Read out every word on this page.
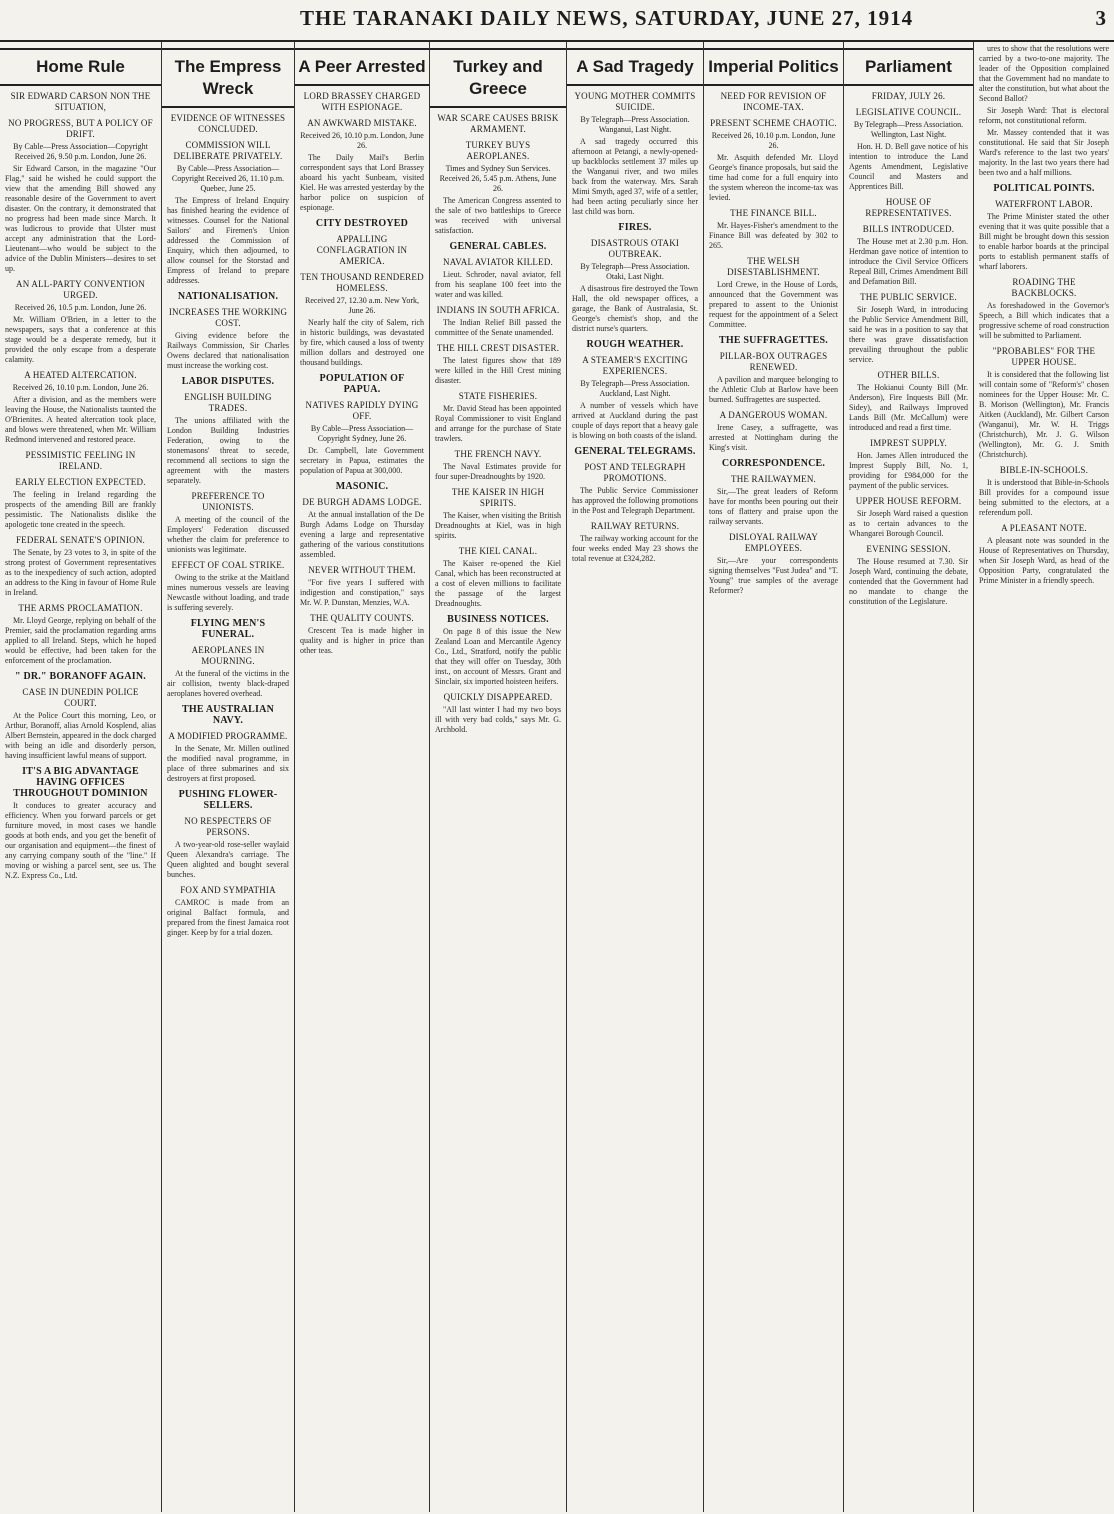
THE TARANAKI DAILY NEWS, SATURDAY, JUNE 27, 1914	3
Home Rule
SIR EDWARD CARSON NON THE SITUATION,
NO PROGRESS, BUT A POLICY OF DRIFT.
By Cable—Press Association—Copyright Received 26, 9.50 p.m. London, June 26.

Sir Edward Carson, in the magazine "Our Flag," said he wished he could support the view that the amending Bill showed any reasonable desire of the Government to avert disaster. On the contrary, it demonstrated that no progress had been made since March. It was ludicrous to provide that Ulster must accept any administration that the Lord-Lieutenant—who would be subject to the advice of the Dublin Ministers—desires to set up.

AN ALL-PARTY CONVENTION URGED.
Received 26, 10.5 p.m. London, June 26.

Mr. William O'Brien, in a letter to the newspapers, says that a conference at this stage would be a desperate remedy, but it provided the only escape from a desperate calamity.

A HEATED ALTERCATION.
Received 26, 10.10 p.m. London, June 26.

After a division, and as the members were leaving the House, the Nationalists taunted the O'Brienites. A heated altercation took place, and blows were threatened, when Mr. William Redmond intervened and restored peace.

PESSIMISTIC FEELING IN IRELAND.
EARLY ELECTION EXPECTED.

The feeling in Ireland regarding the prospects of the amending Bill are frankly pessimistic. The Nationalists dislike the apologetic tone created in the speech.

FEDERAL SENATE'S OPINION.

The Senate, by 23 votes to 3, in spite of the strong protest of Government representatives as to the inexpediency of such action, adopted an address to the King in favour of Home Rule in Ireland.

THE ARMS PROCLAMATION.

Mr. Lloyd George, replying on behalf of the Premier, said the proclamation regarding arms applied to all Ireland. Steps, which he hoped would be effective, had been taken for the enforcement of the proclamation.

" DR." BORANOFF AGAIN.
CASE IN DUNEDIN POLICE COURT.

At the Police Court this morning, Leo, or Arthur, Boranoff, alias Arnold Kosplend, alias Albert Bernstein, appeared in the dock charged with being an idle and disorderly person, having insufficient lawful means of support.

IT'S A BIG ADVANTAGE HAVING OFFICES THROUGHOUT DOMINION

It conduces to greater accuracy and efficiency. When you forward parcels or get furniture moved, in most cases we handle goods at both ends, and you get the benefit of our organisation and equipment—the finest of any carrying company south of the "line." If moving or wishing a parcel sent, see us. The N.Z. Express Co., Ltd.

The Empress Wreck
EVIDENCE OF WITNESSES CONCLUDED.
COMMISSION WILL DELIBERATE PRIVATELY.
By Cable—Press Association—Copyright Received 26, 11.10 p.m. Quebec, June 25.

The Empress of Ireland Enquiry has finished hearing the evidence of witnesses. Counsel for the National Sailors' and Firemen's Union addressed the Commission of Enquiry, which then adjourned, to allow counsel for the Storstad and Empress of Ireland to prepare addresses.

NATIONALISATION.
INCREASES THE WORKING COST.

Giving evidence before the Railways Commission, Sir Charles Owens declared that nationalisation must increase the working cost.

LABOR DISPUTES.
ENGLISH BUILDING TRADES.

The unions affiliated with the London Building Industries Federation, owing to the stonemasons' threat to secede, recommend all sections to sign the agreement with the masters separately.

PREFERENCE TO UNIONISTS.

A meeting of the council of the Employers' Federation discussed whether the claim for preference to unionists was legitimate.

EFFECT OF COAL STRIKE.

Owing to the strike at the Maitland mines numerous vessels are leaving Newcastle without loading, and trade is suffering severely.

FLYING MEN'S FUNERAL.
AEROPLANES IN MOURNING.

At the funeral of the victims in the air collision, twenty black-draped aeroplanes hovered overhead.

THE AUSTRALIAN NAVY.
A MODIFIED PROGRAMME.

In the Senate, Mr. Millen outlined the modified naval programme, in place of three submarines and six destroyers at first proposed.

PUSHING FLOWER-SELLERS.
NO RESPECTERS OF PERSONS.

A two-year-old rose-seller waylaid Queen Alexandra's carriage. The Queen alighted and bought several bunches.

FOX AND SYMPATHIA

CAMROC is made from an original Balfact formula, and prepared from the finest Jamaica root ginger. Keep by for a trial dozen.

A Peer Arrested
LORD BRASSEY CHARGED WITH ESPIONAGE.
AN AWKWARD MISTAKE.
Received 26, 10.10 p.m. London, June 26.

The Daily Mail's Berlin correspondent says that Lord Brassey aboard his yacht Sunbeam, visited Kiel. He was arrested yesterday by the harbor police on suspicion of espionage.

CITY DESTROYED
APPALLING CONFLAGRATION IN AMERICA.
TEN THOUSAND RENDERED HOMELESS.
Received 27, 12.30 a.m. New York, June 26.

Nearly half the city of Salem, rich in historic buildings, was devastated by fire, which caused a loss of twenty million dollars and destroyed one thousand buildings.

POPULATION OF PAPUA.
NATIVES RAPIDLY DYING OFF.
By Cable—Press Association—Copyright Sydney, June 26.

Dr. Campbell, late Government secretary in Papua, estimates the population of Papua at 300,000.

MASONIC.
DE BURGH ADAMS LODGE.

At the annual installation of the De Burgh Adams Lodge on Thursday evening a large and representative gathering of the various constitutions assembled.

NEVER WITHOUT THEM.

"For five years I suffered with indigestion and constipation," says Mr. W. P. Dunstan, Menzies, W.A.

THE QUALITY COUNTS.

Crescent Tea is made higher in quality and is higher in price than other teas.

Turkey and Greece
WAR SCARE CAUSES BRISK ARMAMENT.
TURKEY BUYS AEROPLANES.
Times and Sydney Sun Services. Received 26, 5.45 p.m. Athens, June 26.

The American Congress assented to the sale of two battleships to Greece was received with universal satisfaction.

GENERAL CABLES.
NAVAL AVIATOR KILLED.

Lieut. Schroder, naval aviator, fell from his seaplane 100 feet into the water and was killed.

INDIANS IN SOUTH AFRICA.

The Indian Relief Bill passed the committee of the Senate unamended.

THE HILL CREST DISASTER.

The latest figures show that 189 were killed in the Hill Crest mining disaster.

STATE FISHERIES.

Mr. David Stead has been appointed Royal Commissioner to visit England and arrange for the purchase of State trawlers.

THE FRENCH NAVY.

The Naval Estimates provide for four super-Dreadnoughts by 1920.

THE KAISER IN HIGH SPIRITS.

The Kaiser, when visiting the British Dreadnoughts at Kiel, was in high spirits.

THE KIEL CANAL.

The Kaiser re-opened the Kiel Canal, which has been reconstructed at a cost of eleven millions to facilitate the passage of the largest Dreadnoughts.

BUSINESS NOTICES.

On page 8 of this issue the New Zealand Loan and Mercantile Agency Co., Ltd., Stratford, notify the public that they will offer on Tuesday, 30th inst., on account of Messrs. Grant and Sinclair, six imported hoisteen heifers.

QUICKLY DISAPPEARED.

"All last winter I had my two boys ill with very bad colds," says Mr. G. Archbold.

A Sad Tragedy
YOUNG MOTHER COMMITS SUICIDE.
By Telegraph—Press Association. Wanganui, Last Night.

A sad tragedy occurred this afternoon at Petangi, a newly-opened-up backblocks settlement 37 miles up the Wanganui river, and two miles back from the waterway. Mrs. Sarah Mimi Smyth, aged 37, wife of a settler, had been acting peculiarly since her last child was born.

FIRES.
DISASTROUS OTAKI OUTBREAK.
By Telegraph—Press Association. Otaki, Last Night.

A disastrous fire destroyed the Town Hall, the old newspaper offices, a garage, the Bank of Australasia, St. George's chemist's shop, and the district nurse's quarters.

ROUGH WEATHER.
A STEAMER'S EXCITING EXPERIENCES.
By Telegraph—Press Association. Auckland, Last Night.

A number of vessels which have arrived at Auckland during the past couple of days report that a heavy gale is blowing on both coasts of the island.

GENERAL TELEGRAMS.
POST AND TELEGRAPH PROMOTIONS.

The Public Service Commissioner has approved the following promotions in the Post and Telegraph Department.

RAILWAY RETURNS.

The railway working account for the four weeks ended May 23 shows the total revenue at £324,282.

Imperial Politics
NEED FOR REVISION OF INCOME-TAX.
PRESENT SCHEME CHAOTIC.
Received 26, 10.10 p.m. London, June 26.

Mr. Asquith defended Mr. Lloyd George's finance proposals, but said the time had come for a full enquiry into the system whereon the income-tax was levied.

THE FINANCE BILL.

Mr. Hayes-Fisher's amendment to the Finance Bill was defeated by 302 to 265.

THE WELSH DISESTABLISHMENT.

Lord Crewe, in the House of Lords, announced that the Government was prepared to assent to the Unionist request for the appointment of a Select Committee.

THE SUFFRAGETTES.
PILLAR-BOX OUTRAGES RENEWED.

A pavilion and marquee belonging to the Athletic Club at Barlow have been burned. Suffragettes are suspected.

A DANGEROUS WOMAN.

Irene Casey, a suffragette, was arrested at Nottingham during the King's visit.

CORRESPONDENCE.
THE RAILWAYMEN.

Sir,—The great leaders of Reform have for months been pouring out their tons of flattery and praise upon the railway servants.

DISLOYAL RAILWAY EMPLOYEES.

Sir,—Are your correspondents signing themselves "Fust Judea" and "T. Young" true samples of the average Reformer?

Parliament
FRIDAY, JULY 26.
LEGISLATIVE COUNCIL.
By Telegraph—Press Association. Wellington, Last Night.

Hon. H. D. Bell gave notice of his intention to introduce the Land Agents Amendment, Legislative Council and Masters and Apprentices Bill.

HOUSE OF REPRESENTATIVES.
BILLS INTRODUCED.

The House met at 2.30 p.m. Hon. Herdman gave notice of intention to introduce the Civil Service Officers Repeal Bill, Crimes Amendment Bill and Defamation Bill.

THE PUBLIC SERVICE.

Sir Joseph Ward, in introducing the Public Service Amendment Bill, said he was in a position to say that there was grave dissatisfaction prevailing throughout the public service.

OTHER BILLS.

The Hokianui County Bill (Mr. Anderson), Fire Inquests Bill (Mr. Sidey), and Railways Improved Lands Bill (Mr. McCallum) were introduced and read a first time.

IMPREST SUPPLY.

Hon. James Allen introduced the Imprest Supply Bill, No. 1, providing for £984,000 for the payment of the public services.

UPPER HOUSE REFORM.

Sir Joseph Ward raised a question as to certain advances to the Whangarei Borough Council.

EVENING SESSION.

The House resumed at 7.30. Sir Joseph Ward, continuing the debate, contended that the Government had no mandate to change the constitution of the Legislature.

ures to show that the resolutions were carried by a two-to-one majority. The leader of the Opposition complained that the Government had no mandate to alter the constitution, but what about the Second Ballot?

Sir Joseph Ward: That is electoral reform, not constitutional reform.

Mr. Massey contended that it was constitutional. He said that Sir Joseph Ward's reference to the last two years' majority. In the last two years there had been two and a half millions.

POLITICAL POINTS.
WATERFRONT LABOR.

The Prime Minister stated the other evening that it was quite possible that a Bill might be brought down this session to enable harbor boards at the principal ports to establish permanent staffs of wharf laborers.

ROADING THE BACKBLOCKS.

As foreshadowed in the Governor's Speech, a Bill which indicates that a progressive scheme of road construction will be submitted to Parliament.

"PROBABLES" FOR THE UPPER HOUSE.

It is considered that the following list will contain some of "Reform's" chosen nominees for the Upper House: Mr. C. B. Morison (Wellington), Mr. Francis Aitken (Auckland), Mr. Gilbert Carson (Wanganui), Mr. W. H. Triggs (Christchurch), Mr. J. G. Wilson (Wellington), Mr. G. J. Smith (Christchurch).

BIBLE-IN-SCHOOLS.

It is understood that Bible-in-Schools Bill provides for a compound issue being submitted to the electors, at a referendum poll.

A PLEASANT NOTE.

A pleasant note was sounded in the House of Representatives on Thursday, when Sir Joseph Ward, as head of the Opposition Party, congratulated the Prime Minister in a friendly speech.
